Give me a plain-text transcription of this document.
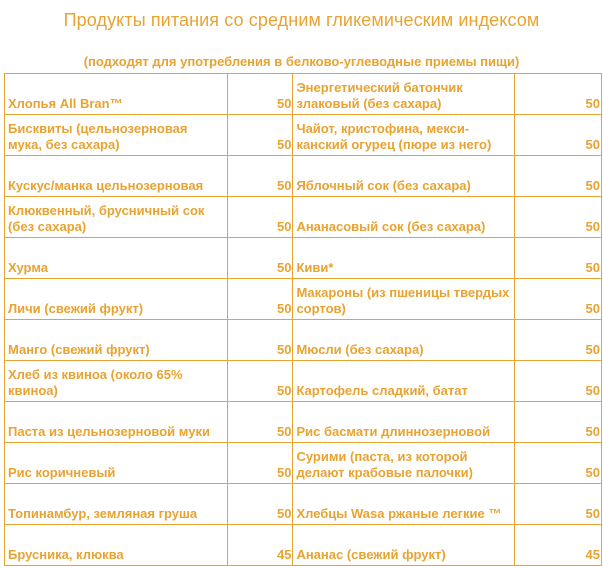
Продукты питания со средним гликемическим индексом
(подходят для употребления в белково-углеводные приемы пищи)
Хлопья All Bran™	50	Энергетический батончик злаковый (без сахара)	50
Бисквиты (цельнозерновая мука, без сахара)	50	Чайот, кристофина, мекси-канский огурец (пюре из него)	50
Кускус/манка цельнозерновая	50	Яблочный сок (без сахара)	50
Клюквенный, брусничный сок (без сахара)	50	Ананасовый сок (без сахара)	50
Хурма	50	Киви*	50
Личи (свежий фрукт)	50	Макароны (из пшеницы твердых сортов)	50
Манго (свежий фрукт)	50	Мюсли (без сахара)	50
Хлеб из квиноа (около 65% квиноа)	50	Картофель сладкий, батат	50
Паста из цельнозерновой муки	50	Рис басмати длиннозерновой	50
Рис коричневый	50	Сурими (паста, из которой делают крабовые палочки)	50
Топинамбур, земляная груша	50	Хлебцы Wasa ржаные легкие ™	50
Брусника, клюква	45	Ананас (свежий фрукт)	45
